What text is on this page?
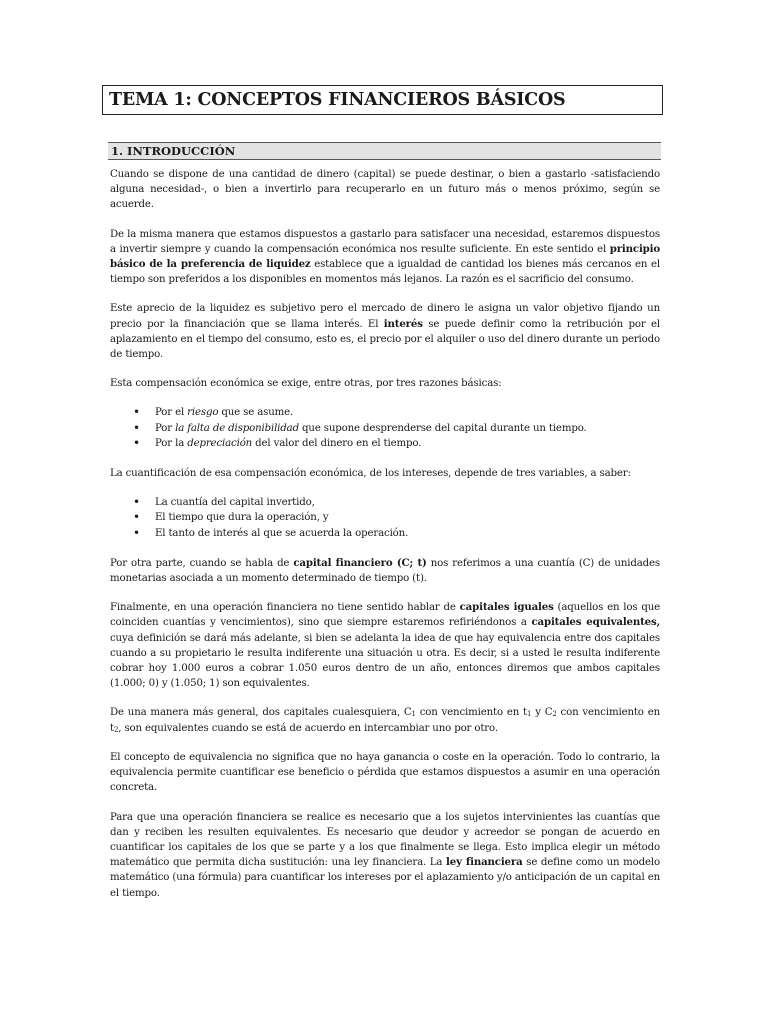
TEMA 1: CONCEPTOS FINANCIEROS BÁSICOS
1. INTRODUCCIÓN

Cuando se dispone de una cantidad de dinero (capital) se puede destinar, o bien a gastarlo -satisfaciendo alguna necesidad-, o bien a invertirlo para recuperarlo en un futuro más o menos próximo, según se acuerde.

De la misma manera que estamos dispuestos a gastarlo para satisfacer una necesidad, estaremos dispuestos a invertir siempre y cuando la compensación económica nos resulte suficiente. En este sentido el principio básico de la preferencia de liquidez establece que a igualdad de cantidad los bienes más cercanos en el tiempo son preferidos a los disponibles en momentos más lejanos. La razón es el sacrificio del consumo.

Este aprecio de la liquidez es subjetivo pero el mercado de dinero le asigna un valor objetivo fijando un precio por la financiación que se llama interés. El interés se puede definir como la retribución por el aplazamiento en el tiempo del consumo, esto es, el precio por el alquiler o uso del dinero durante un periodo de tiempo.

Esta compensación económica se exige, entre otras, por tres razones básicas:

• Por el riesgo que se asume.
• Por la falta de disponibilidad que supone desprenderse del capital durante un tiempo.
• Por la depreciación del valor del dinero en el tiempo.

La cuantificación de esa compensación económica, de los intereses, depende de tres variables, a saber:

• La cuantía del capital invertido,
• El tiempo que dura la operación, y
• El tanto de interés al que se acuerda la operación.

Por otra parte, cuando se habla de capital financiero (C; t) nos referimos a una cuantía (C) de unidades monetarias asociada a un momento determinado de tiempo (t).

Finalmente, en una operación financiera no tiene sentido hablar de capitales iguales (aquellos en los que coinciden cuantías y vencimientos), sino que siempre estaremos refiriéndonos a capitales equivalentes, cuya definición se dará más adelante, si bien se adelanta la idea de que hay equivalencia entre dos capitales cuando a su propietario le resulta indiferente una situación u otra. Es decir, si a usted le resulta indiferente cobrar hoy 1.000 euros a cobrar 1.050 euros dentro de un año, entonces diremos que ambos capitales (1.000; 0) y (1.050; 1) son equivalentes.

De una manera más general, dos capitales cualesquiera, $C_1$ con vencimiento en $t_1$ y $C_2$ con vencimiento en $t_2$, son equivalentes cuando se está de acuerdo en intercambiar uno por otro.

El concepto de equivalencia no significa que no haya ganancia o coste en la operación. Todo lo contrario, la equivalencia permite cuantificar ese beneficio o pérdida que estamos dispuestos a asumir en una operación concreta.

Para que una operación financiera se realice es necesario que a los sujetos intervinientes las cuantías que dan y reciben les resulten equivalentes. Es necesario que deudor y acreedor se pongan de acuerdo en cuantificar los capitales de los que se parte y a los que finalmente se llega. Esto implica elegir un método matemático que permita dicha sustitución: una ley financiera. La ley financiera se define como un modelo matemático (una fórmula) para cuantificar los intereses por el aplazamiento y/o anticipación de un capital en el tiempo.
